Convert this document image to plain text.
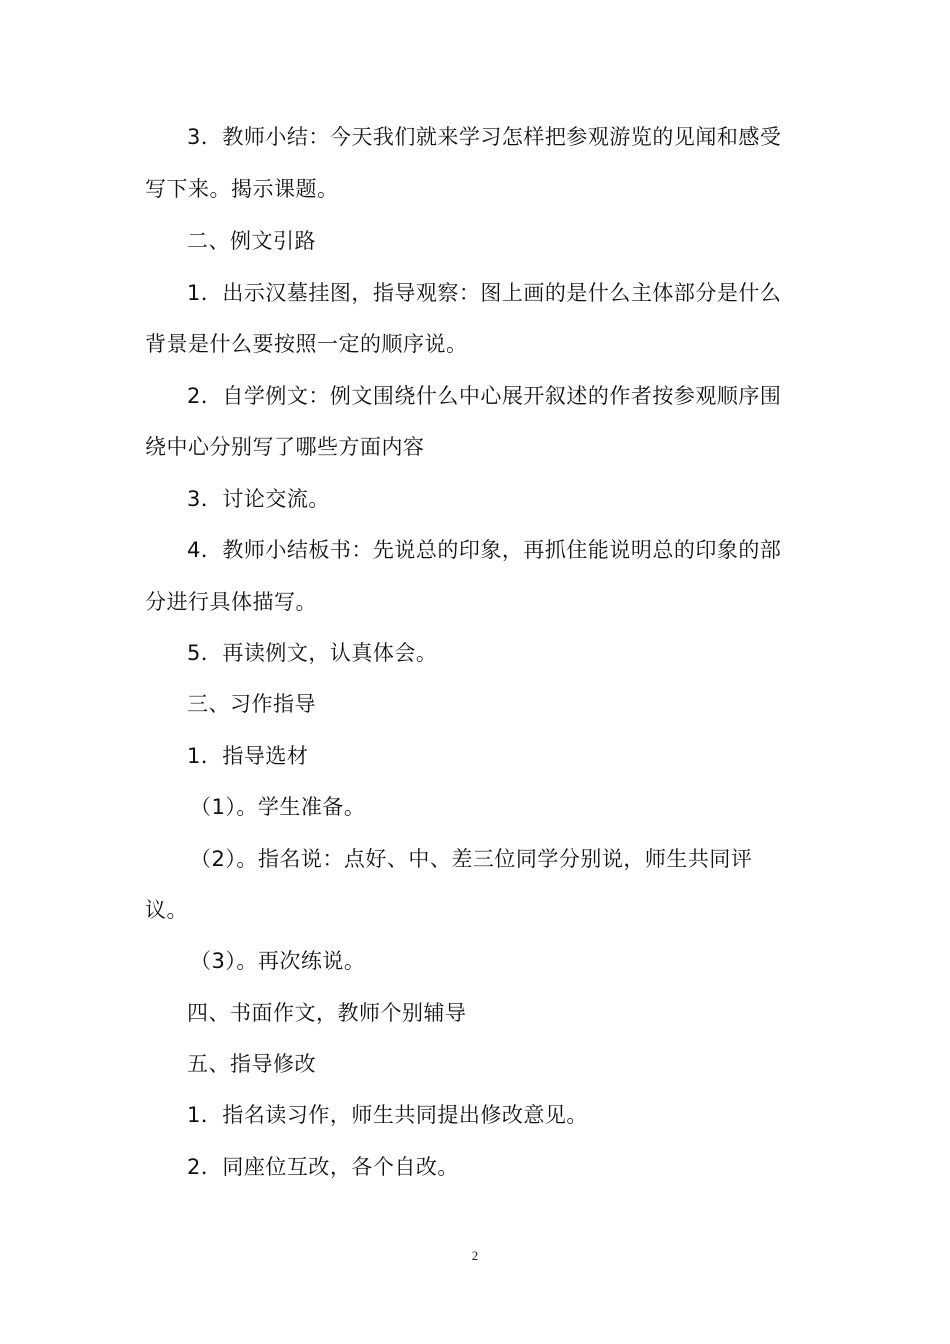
3．教师小结：今天我们就来学习怎样把参观游览的见闻和感受
写下来。揭示课题。
二、例文引路
1．出示汉墓挂图，指导观察：图上画的是什么主体部分是什么
背景是什么要按照一定的顺序说。
2．自学例文：例文围绕什么中心展开叙述的作者按参观顺序围
绕中心分别写了哪些方面内容
3．讨论交流。
4．教师小结板书：先说总的印象，再抓住能说明总的印象的部
分进行具体描写。
5．再读例文，认真体会。
三、习作指导
1．指导选材
（1）。学生准备。
（2）。指名说：点好、中、差三位同学分别说，师生共同评
议。
（3）。再次练说。
四、书面作文，教师个别辅导
五、指导修改
1．指名读习作，师生共同提出修改意见。
2．同座位互改，各个自改。
2
